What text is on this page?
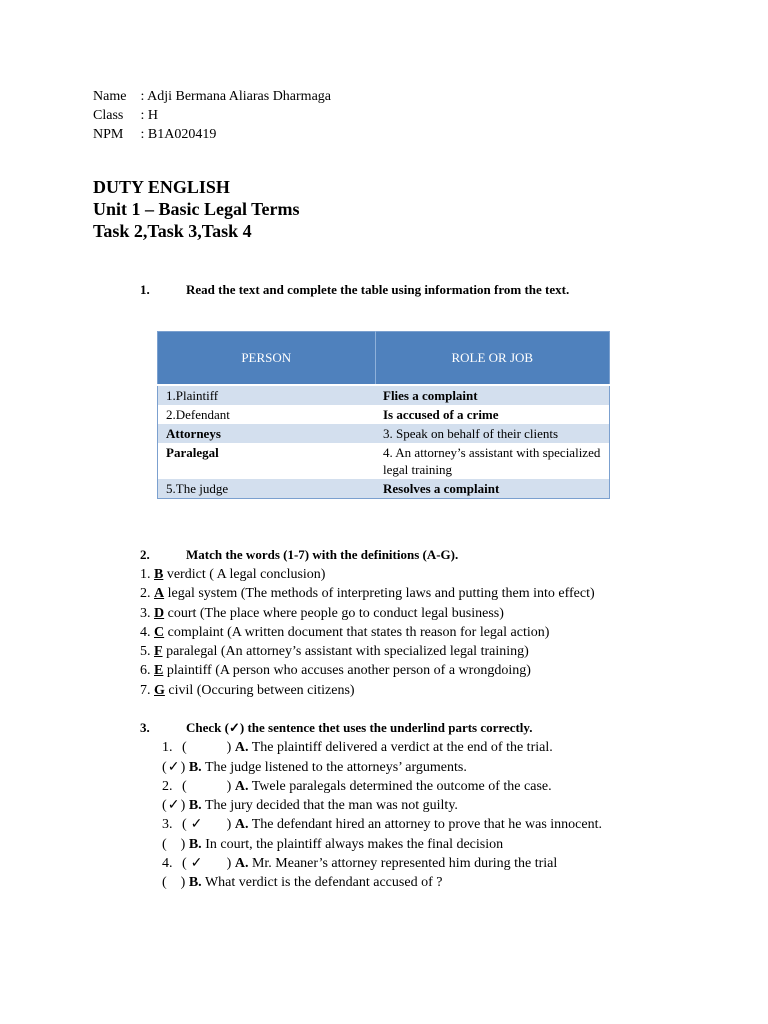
Name : Adji Bermana Aliaras Dharmaga
Class : H
NPM : B1A020419
DUTY ENGLISH
Unit 1 – Basic Legal Terms
Task 2,Task 3,Task 4
1.	Read the text and complete the table using information from the text.
PERSON	ROLE OR JOB
1.Plaintiff	Flies a complaint
2.Defendant	Is accused of a crime
Attorneys	3. Speak on behalf of their clients
Paralegal	4. An attorney’s assistant with specialized legal training
5.The judge	Resolves a complaint
2.	Match the words (1-7) with the definitions (A-G).
1. B verdict ( A legal conclusion)
2. A legal system (The methods of interpreting laws and putting them into effect)
3. D court (The place where people go to conduct legal business)
4. C complaint (A written document that states th reason for legal action)
5. F paralegal (An attorney’s assistant with specialized legal training)
6. E plaintiff (A person who accuses another person of a wrongdoing)
7. G civil (Occuring between citizens)
3.	Check (✓) the sentence thet uses the underlind parts correctly.
1. (	) A. The plaintiff delivered a verdict at the end of the trial.
(✓) B. The judge listened to the attorneys’ arguments.
2. (	) A. Twele paralegals determined the outcome of the case.
(✓) B. The jury decided that the man was not guilty.
3. ( ✓ ) A. The defendant hired an attorney to prove that he was innocent.
( ) B. In court, the plaintiff always makes the final decision
4. ( ✓ ) A. Mr. Meaner’s attorney represented him during the trial
( ) B. What verdict is the defendant accused of ?
